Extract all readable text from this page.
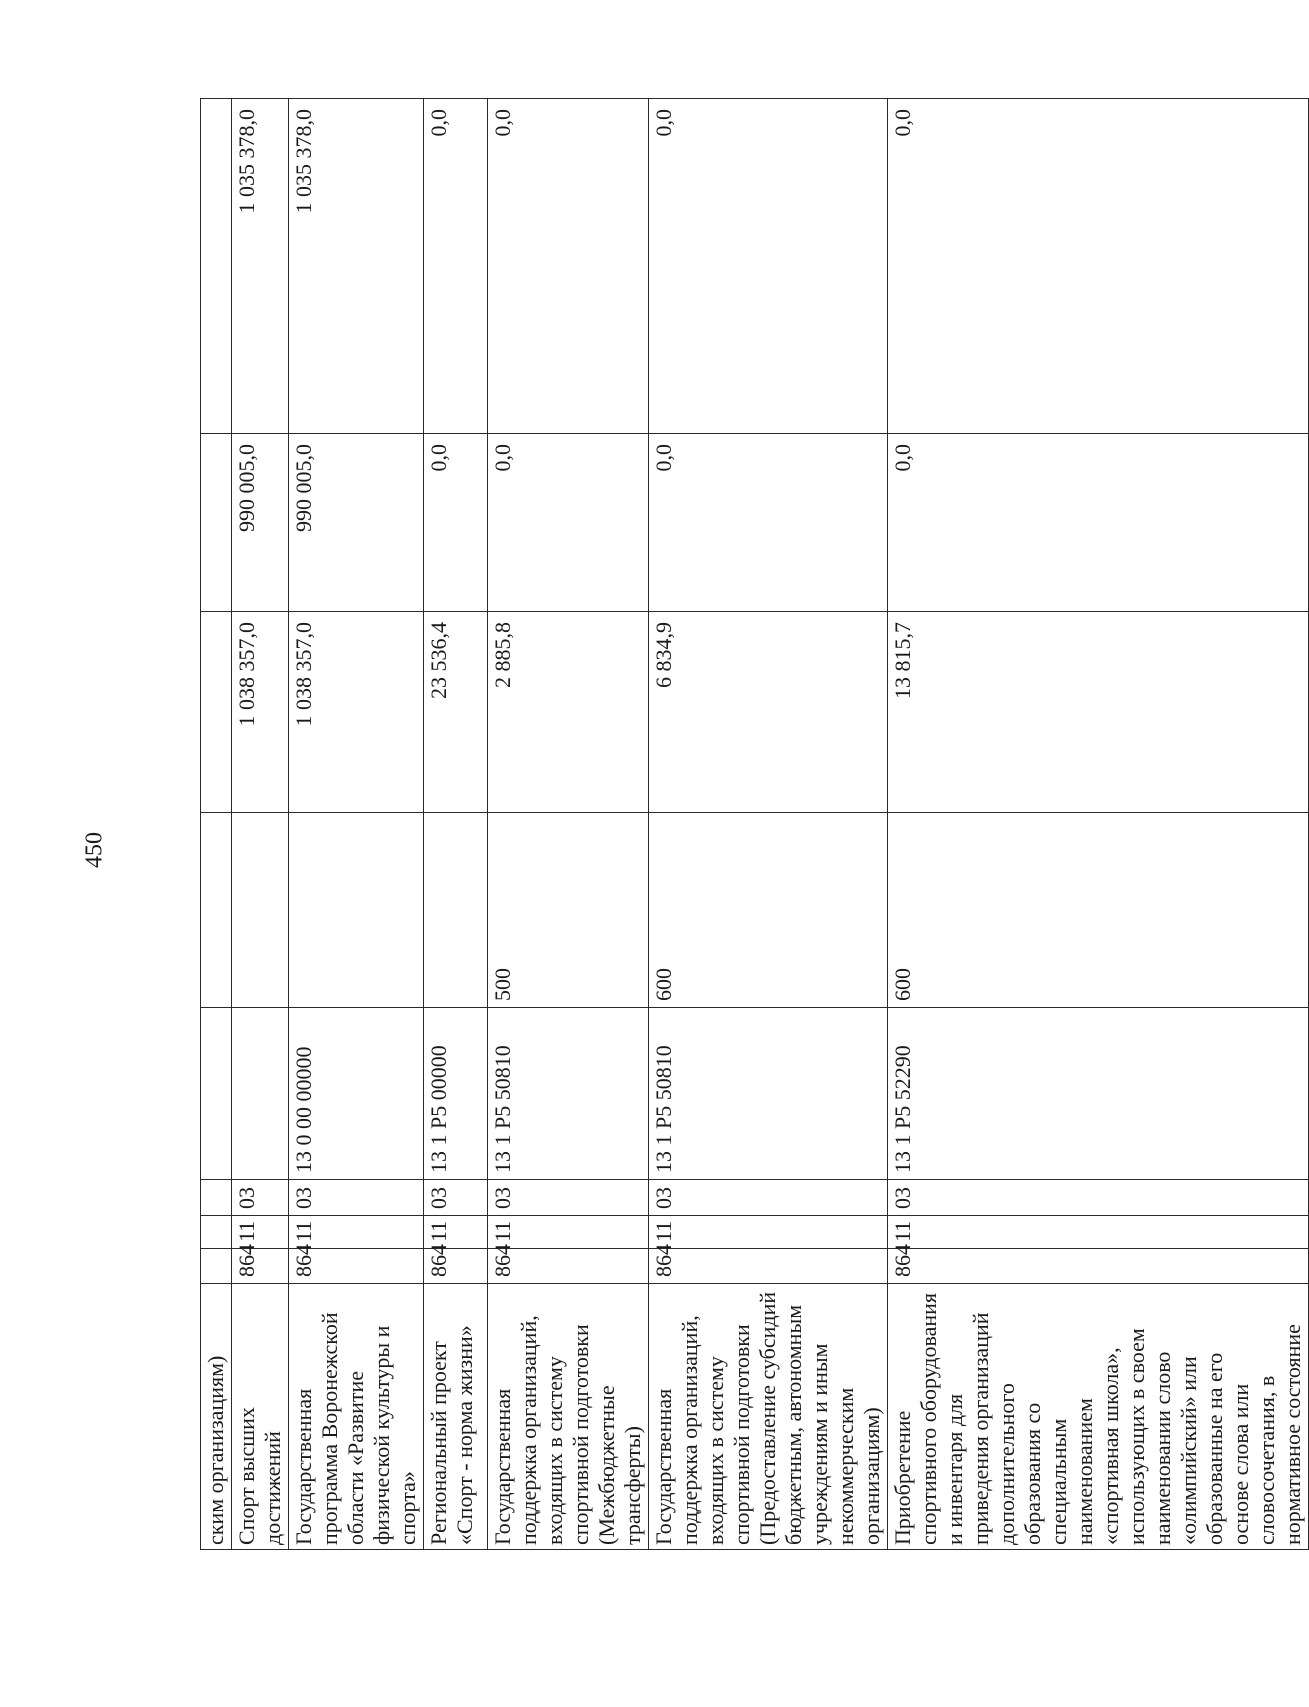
450
ским организациям)								
Спорт высших достижений	864	11	03			1 038 357,0	990 005,0	1 035 378,0
Государственная программа Воронежской области «Развитие физической культуры и спорта»	864	11	03	13 0 00 00000		1 038 357,0	990 005,0	1 035 378,0
Региональный проект «Спорт - норма жизни»	864	11	03	13 1 P5 00000		23 536,4	0,0	0,0
Государственная поддержка организаций, входящих в систему спортивной подготовки (Межбюджетные трансферты)	864	11	03	13 1 P5 50810	500	2 885,8	0,0	0,0
Государственная поддержка организаций, входящих в систему спортивной подготовки (Предоставление субсидий бюджетным, автономным учреждениям и иным некоммерческим организациям)	864	11	03	13 1 P5 50810	600	6 834,9	0,0	0,0
Приобретение спортивного оборудования и инвентаря для приведения организаций дополнительного образования со специальным наименованием «спортивная школа», использующих в своем наименовании слово «олимпийский» или образованные на его основе слова или словосочетания, в нормативное состояние	864	11	03	13 1 P5 52290	600	13 815,7	0,0	0,0
